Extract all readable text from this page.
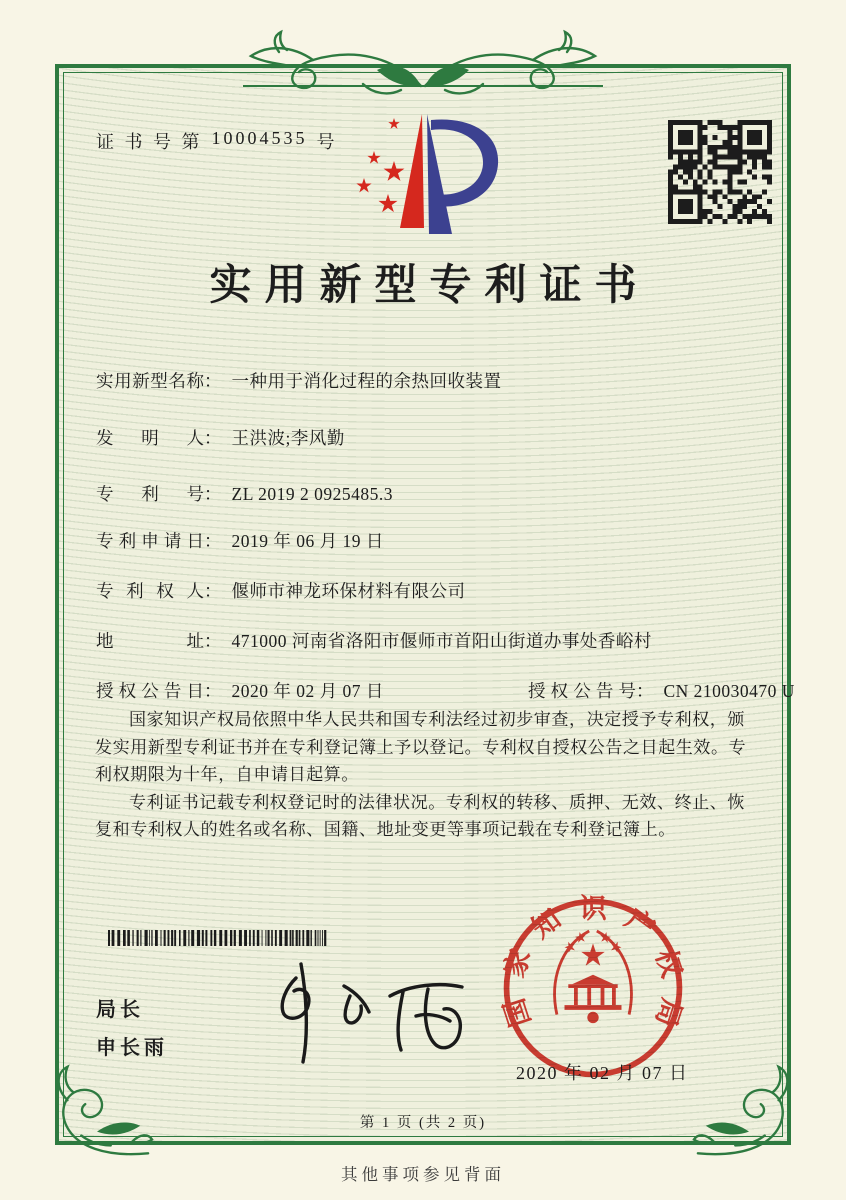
证 书 号 第 10004535 号
实用新型专利证书
实用新型名称 ： 一种用于消化过程的余热回收装置
发明人 ： 王洪波;李风勤
专利号 ： ZL 2019 2 0925485.3
专利申请日 ： 2019 年 06 月 19 日
专利权人 ： 偃师市神龙环保材料有限公司
地址 ： 471000 河南省洛阳市偃师市首阳山街道办事处香峪村
授权公告日 ： 2020 年 02 月 07 日	授权公告号 ： CN 210030470 U

国家知识产权局依照中华人民共和国专利法经过初步审查，决定授予专利权，颁发实用新型专利证书并在专利登记簿上予以登记。专利权自授权公告之日起生效。专利权期限为十年，自申请日起算。

专利证书记载专利权登记时的法律状况。专利权的转移、质押、无效、终止、恢复和专利权人的姓名或名称、国籍、地址变更等事项记载在专利登记簿上。

局长
申长雨
国
家
知 识 产
权
局
2020 年 02 月 07 日
第 1 页 (共 2 页)
其他事项参见背面
